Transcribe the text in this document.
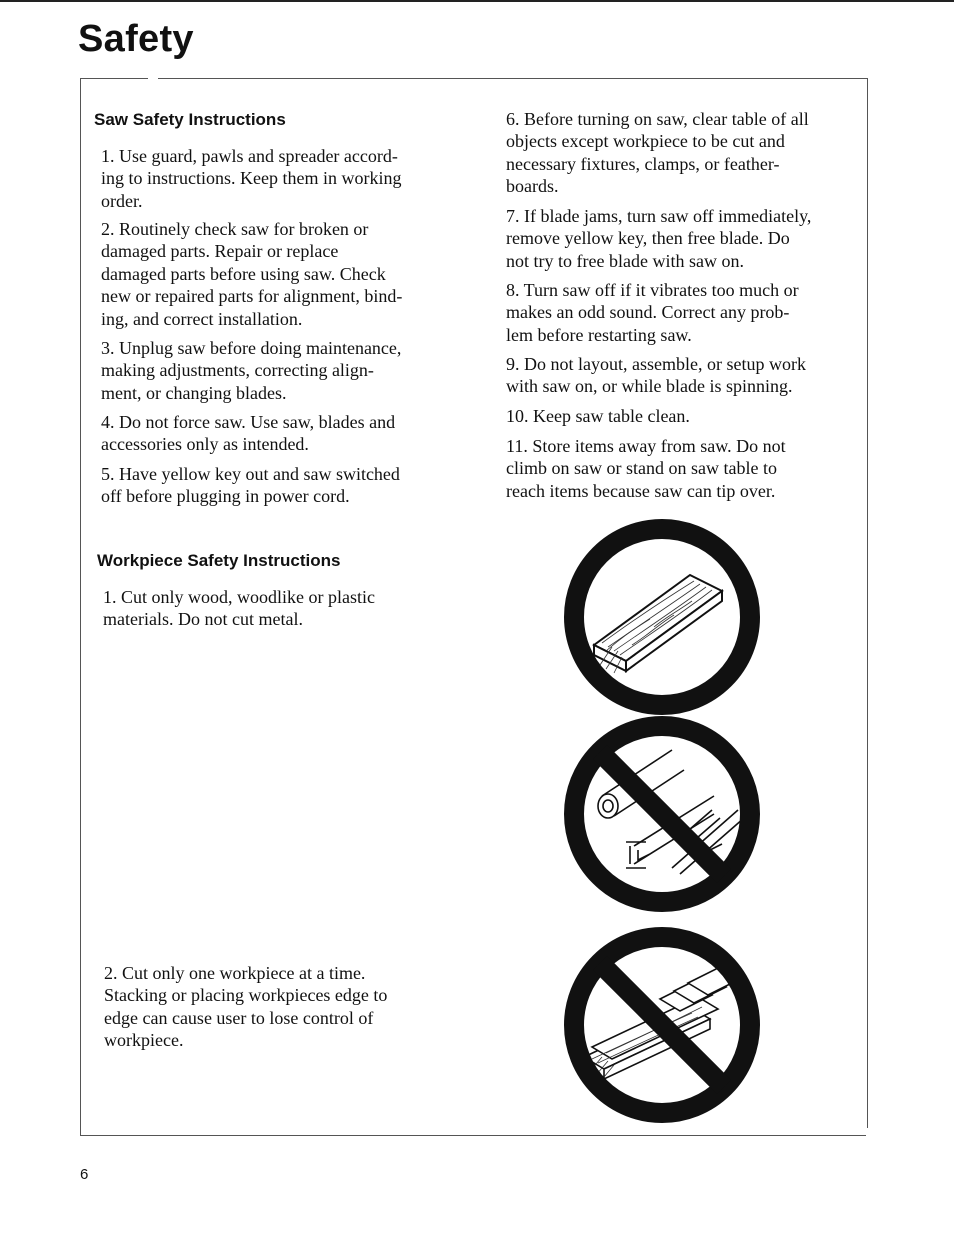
Safety
Saw Safety Instructions

1. Use guard, pawls and spreader accord-
ing to instructions. Keep them in working
order.

2. Routinely check saw for broken or
damaged parts. Repair or replace
damaged parts before using saw. Check
new or repaired parts for alignment, bind-
ing, and correct installation.

3. Unplug saw before doing maintenance,
making adjustments, correcting align-
ment, or changing blades.

4. Do not force saw. Use saw, blades and
accessories only as intended.

5. Have yellow key out and saw switched
off before plugging in power cord.

6. Before turning on saw, clear table of all
objects except workpiece to be cut and
necessary fixtures, clamps, or feather-
boards.

7. If blade jams, turn saw off immediately,
remove yellow key, then free blade. Do
not try to free blade with saw on.

8. Turn saw off if it vibrates too much or
makes an odd sound. Correct any prob-
lem before restarting saw.

9. Do not layout, assemble, or setup work
with saw on, or while blade is spinning.

10. Keep saw table clean.

11. Store items away from saw. Do not
climb on saw or stand on saw table to
reach items because saw can tip over.

Workpiece Safety Instructions

1. Cut only wood, woodlike or plastic
materials. Do not cut metal.

2. Cut only one workpiece at a time.
Stacking or placing workpieces edge to
edge can cause user to lose control of
workpiece.

6
